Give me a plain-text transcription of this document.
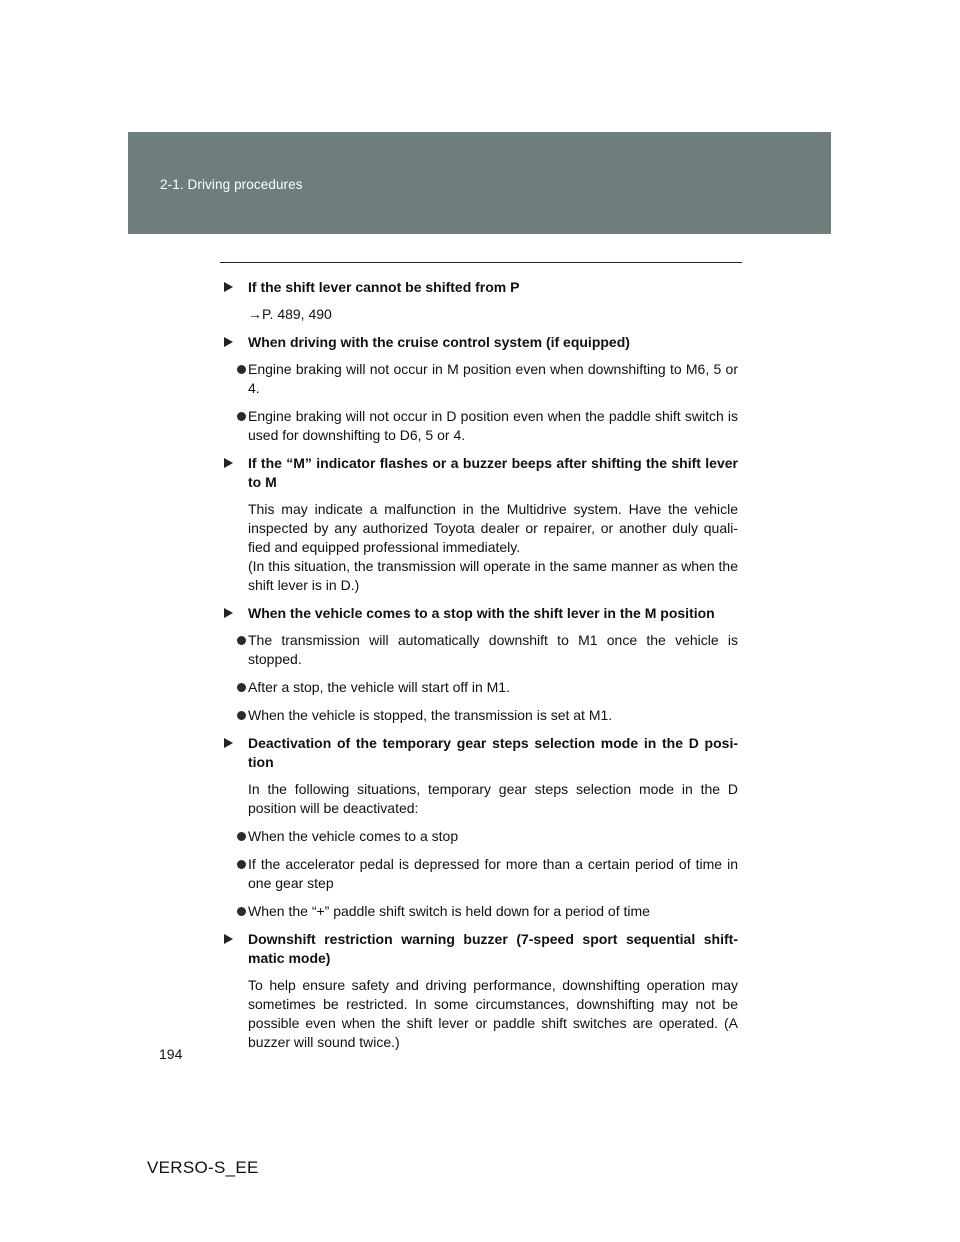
2-1. Driving procedures
If the shift lever cannot be shifted from P
→P. 489, 490
When driving with the cruise control system (if equipped)
Engine braking will not occur in M position even when downshifting to M6, 5 or 4.
Engine braking will not occur in D position even when the paddle shift switch is used for downshifting to D6, 5 or 4.
If the “M” indicator flashes or a buzzer beeps after shifting the shift lever to M
This may indicate a malfunction in the Multidrive system. Have the vehicle inspected by any authorized Toyota dealer or repairer, or another duly quali-fied and equipped professional immediately.
(In this situation, the transmission will operate in the same manner as when the shift lever is in D.)
When the vehicle comes to a stop with the shift lever in the M position
The transmission will automatically downshift to M1 once the vehicle is stopped.
After a stop, the vehicle will start off in M1.
When the vehicle is stopped, the transmission is set at M1.
Deactivation of the temporary gear steps selection mode in the D posi-tion
In the following situations, temporary gear steps selection mode in the D position will be deactivated:
When the vehicle comes to a stop
If the accelerator pedal is depressed for more than a certain period of time in one gear step
When the “+” paddle shift switch is held down for a period of time
Downshift restriction warning buzzer (7-speed sport sequential shift-matic mode)
To help ensure safety and driving performance, downshifting operation may sometimes be restricted. In some circumstances, downshifting may not be possible even when the shift lever or paddle shift switches are operated. (A buzzer will sound twice.)
194
VERSO-S_EE
